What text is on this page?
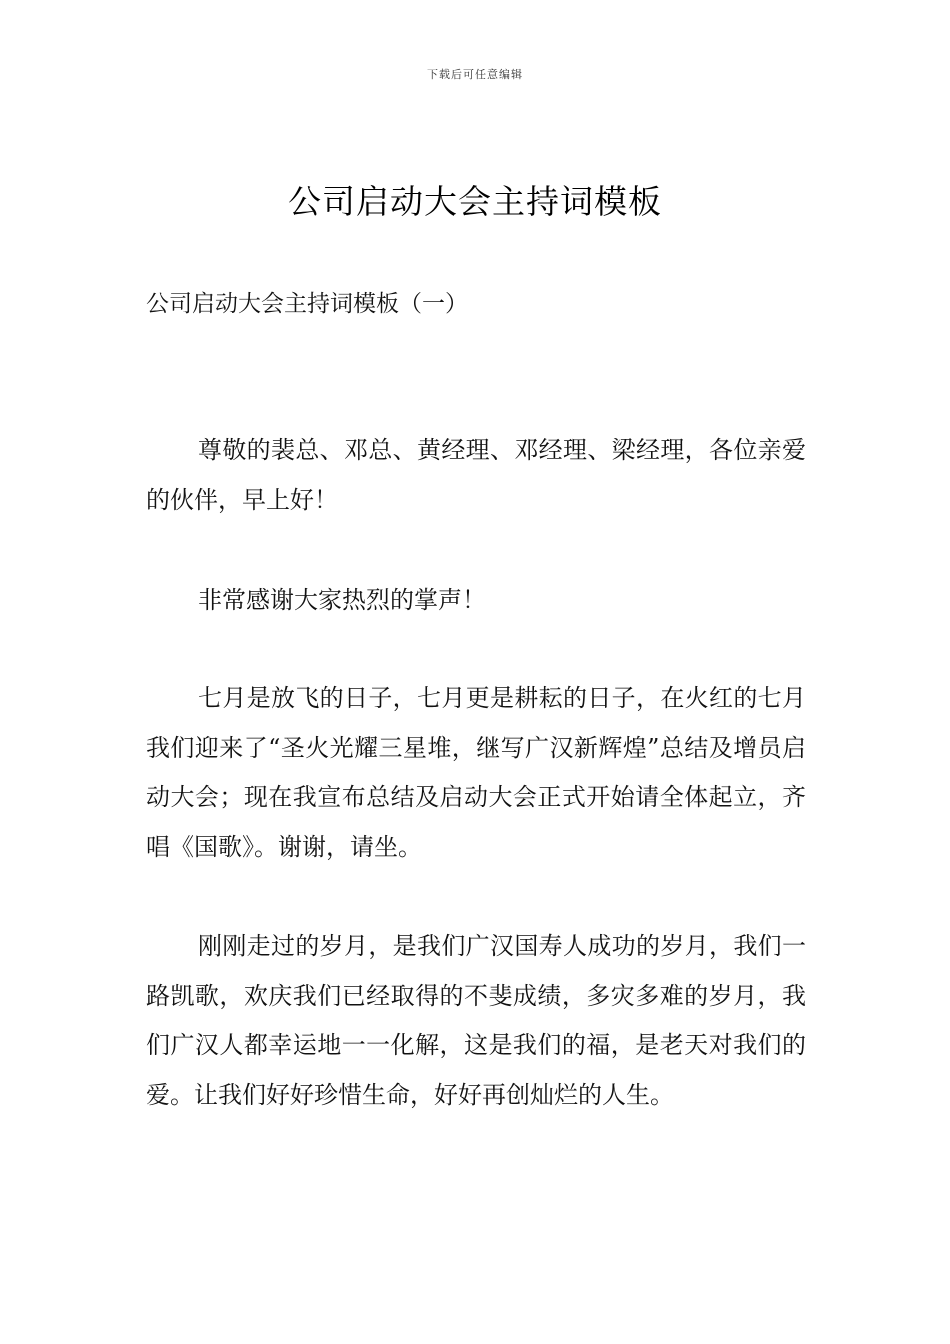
下载后可任意编辑
公司启动大会主持词模板
公司启动大会主持词模板（一）

尊敬的裴总、邓总、黄经理、邓经理、梁经理，各位亲爱的伙伴，早上好！

非常感谢大家热烈的掌声！

七月是放飞的日子，七月更是耕耘的日子，在火红的七月我们迎来了“圣火光耀三星堆，继写广汉新辉煌”总结及增员启动大会；现在我宣布总结及启动大会正式开始请全体起立，齐唱《国歌》。谢谢，请坐。

刚刚走过的岁月，是我们广汉国寿人成功的岁月，我们一路凯歌，欢庆我们已经取得的不斐成绩，多灾多难的岁月，我们广汉人都幸运地一一化解，这是我们的福，是老天对我们的爱。让我们好好珍惜生命，好好再创灿烂的人生。
